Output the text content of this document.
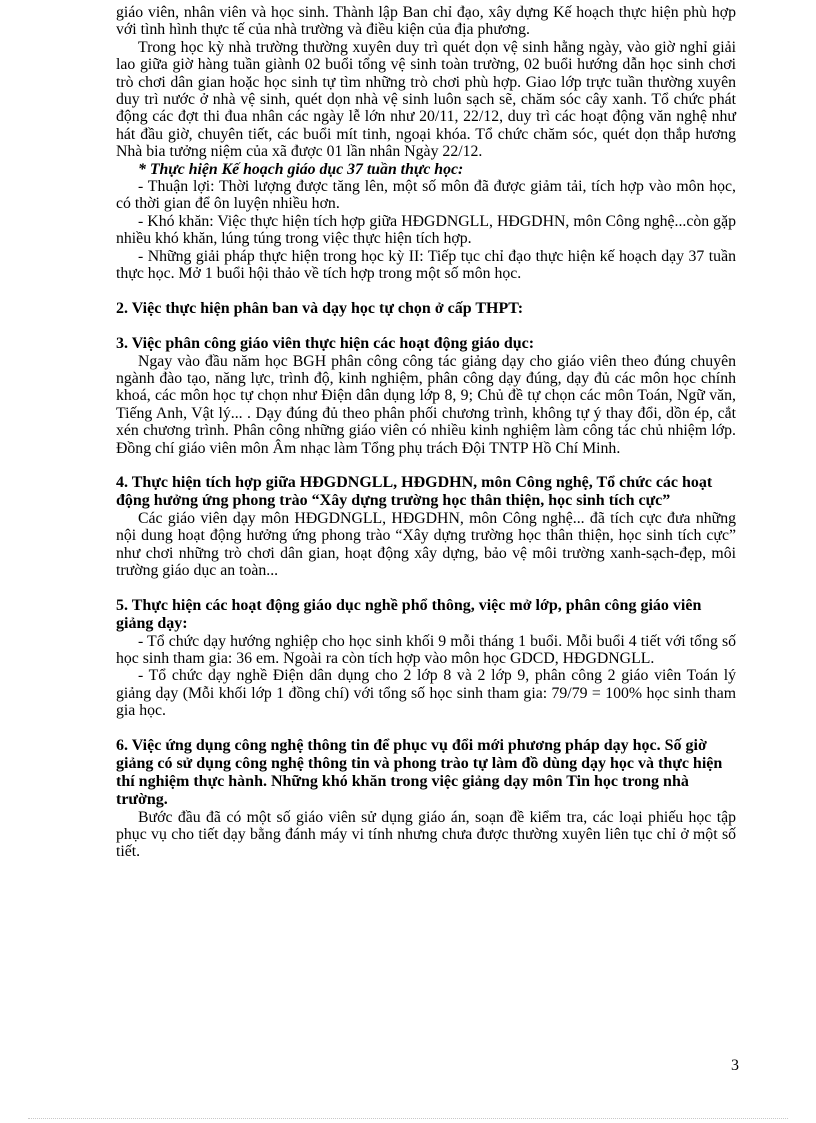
giáo viên, nhân viên và học sinh. Thành lập Ban chỉ đạo, xây dựng Kế hoạch thực hiện phù hợp với tình hình thực tế của nhà trường và điều kiện của địa phương.

Trong học kỳ nhà trường thường xuyên duy trì quét dọn vệ sinh hằng ngày, vào giờ nghỉ giải lao giữa giờ hàng tuần giành 02 buổi tổng vệ sinh toàn trường, 02 buổi hướng dẫn học sinh chơi trò chơi dân gian hoặc học sinh tự tìm những trò chơi phù hợp. Giao lớp trực tuần thường xuyên duy trì nước ở nhà vệ sinh, quét dọn nhà vệ sinh luôn sạch sẽ, chăm sóc cây xanh. Tổ chức phát động các đợt thi đua nhân các ngày lễ lớn như 20/11, 22/12, duy trì các hoạt động văn nghệ như hát đầu giờ, chuyên tiết, các buổi mít tinh, ngoại khóa. Tổ chức chăm sóc, quét dọn thắp hương Nhà bia tưởng niệm của xã được 01 lần nhân Ngày 22/12.

* Thực hiện Kế hoạch giáo dục 37 tuần thực học:

- Thuận lợi: Thời lượng được tăng lên, một số môn đã được giảm tải, tích hợp vào môn học, có thời gian để ôn luyện nhiều hơn.

- Khó khăn: Việc thực hiện tích hợp giữa HĐGDNGLL, HĐGDHN, môn Công nghệ...còn gặp nhiều khó khăn, lúng túng trong việc thực hiện tích hợp.

- Những giải pháp thực hiện trong học kỳ II: Tiếp tục chỉ đạo thực hiện kế hoạch dạy 37 tuần thực học. Mở 1 buổi hội thảo về tích hợp trong một số môn học.

2. Việc thực hiện phân ban và dạy học tự chọn ở cấp THPT:
3. Việc phân công giáo viên thực hiện các hoạt động giáo dục:

Ngay vào đầu năm học BGH phân công công tác giảng dạy cho giáo viên theo đúng chuyên ngành đào tạo, năng lực, trình độ, kinh nghiệm, phân công dạy đúng, dạy đủ các môn học chính khoá, các môn học tự chọn như Điện dân dụng lớp 8, 9; Chủ đề tự chọn các môn Toán, Ngữ văn, Tiếng Anh, Vật lý... . Dạy đúng đủ theo phân phối chương trình, không tự ý thay đổi, dồn ép, cắt xén chương trình. Phân công những giáo viên có nhiều kinh nghiệm làm công tác chủ nhiệm lớp. Đồng chí giáo viên môn Âm nhạc làm Tổng phụ trách Đội TNTP Hồ Chí Minh.

4. Thực hiện tích hợp giữa HĐGDNGLL, HĐGDHN, môn Công nghệ, Tổ chức các hoạt động hưởng ứng phong trào “Xây dựng trường học thân thiện, học sinh tích cực”

Các giáo viên dạy môn HĐGDNGLL, HĐGDHN, môn Công nghệ... đã tích cực đưa những nội dung hoạt động hưởng ứng phong trào “Xây dựng trường học thân thiện, học sinh tích cực” như chơi những trò chơi dân gian, hoạt động xây dựng, bảo vệ môi trường xanh-sạch-đẹp, môi trường giáo dục an toàn...

5. Thực hiện các hoạt động giáo dục nghề phổ thông, việc mở lớp, phân công giáo viên giảng dạy:

- Tổ chức dạy hướng nghiệp cho học sinh khối 9 mỗi tháng 1 buổi. Mỗi buổi 4 tiết với tổng số học sinh tham gia: 36 em. Ngoài ra còn tích hợp vào môn học GDCD, HĐGDNGLL.

- Tổ chức dạy nghề Điện dân dụng cho 2 lớp 8 và 2 lớp 9, phân công 2 giáo viên Toán lý giảng dạy (Mỗi khối lớp 1 đồng chí) với tổng số học sinh tham gia: 79/79 = 100% học sinh tham gia học.

6. Việc ứng dụng công nghệ thông tin để phục vụ đổi mới phương pháp dạy học. Số giờ giảng có sử dụng công nghệ thông tin và phong trào tự làm đồ dùng dạy học và thực hiện thí nghiệm thực hành. Những khó khăn trong việc giảng dạy môn Tin học trong nhà trường.

Bước đầu đã có một số giáo viên sử dụng giáo án, soạn đề kiểm tra, các loại phiếu học tập phục vụ cho tiết dạy bằng đánh máy vi tính nhưng chưa được thường xuyên liên tục chỉ ở một số tiết.

3
